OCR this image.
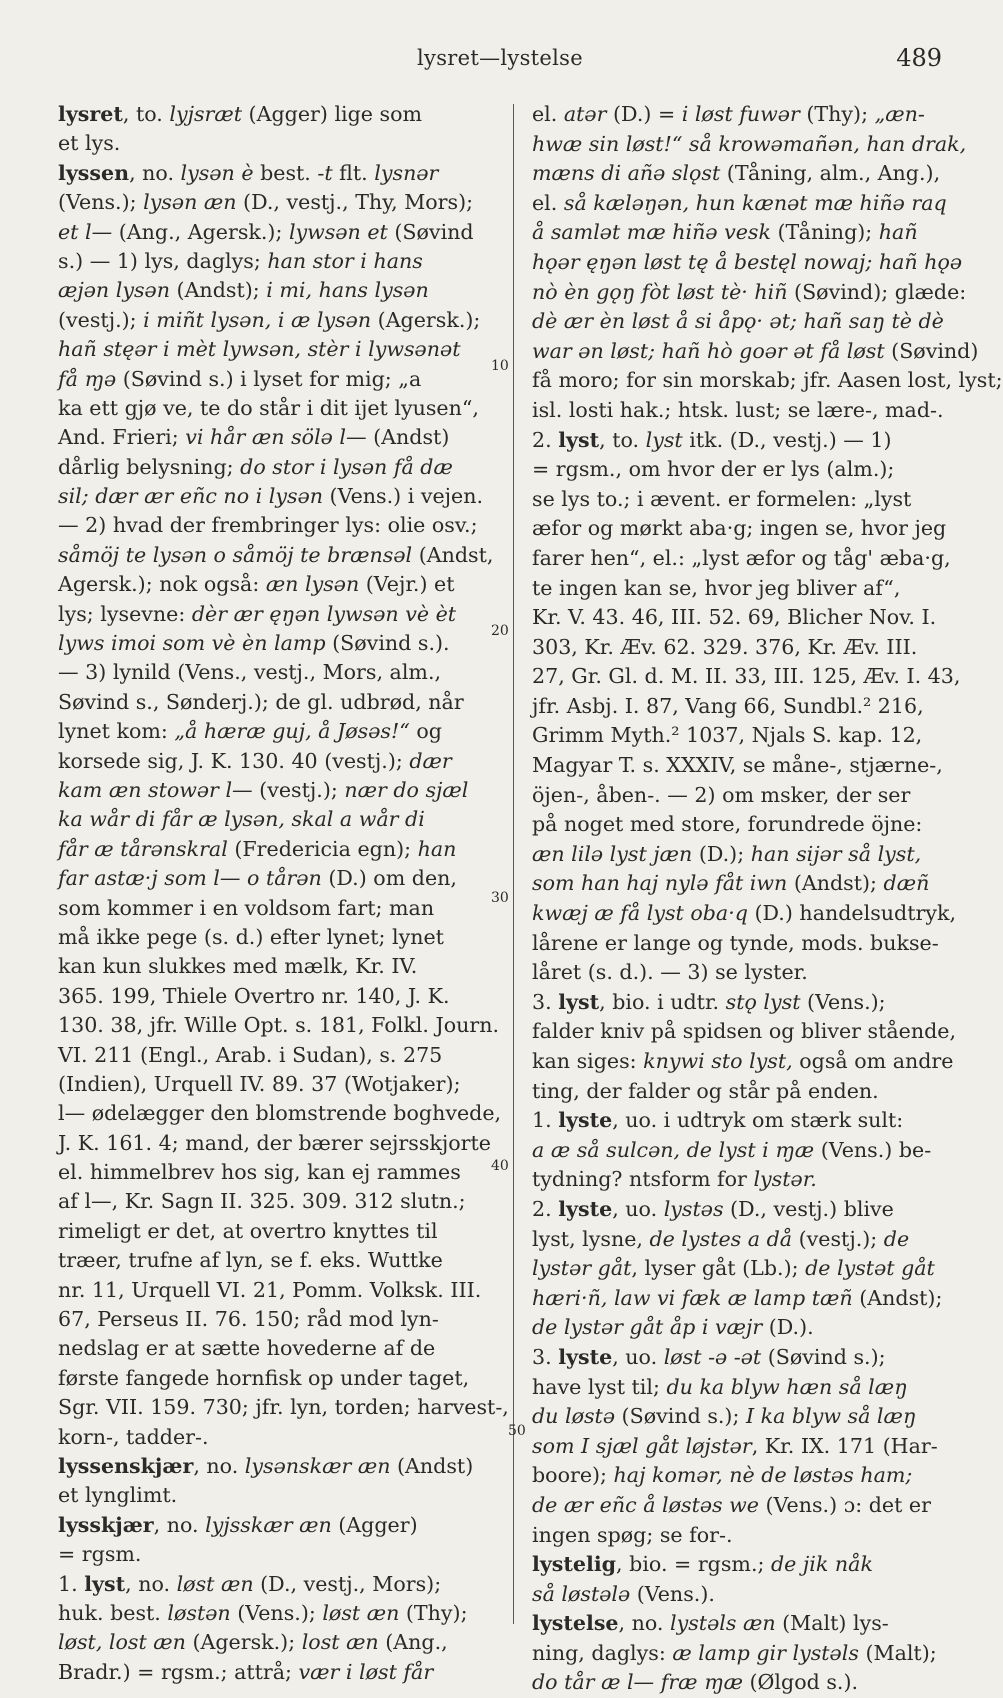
lysret—lystelse	489
lysret, to. lyjsræt (Agger) lige som
et lys.
lyssen, no. lysən è best. -t flt. lysnər
(Vens.); lysən æn (D., vestj., Thy, Mors);
et l— (Ang., Agersk.); lywsən et (Søvind
s.) — 1) lys, daglys; han stor i hans
æjən lysən (Andst); i mi, hans lysən
(vestj.); i miñt lysən, i æ lysən (Agersk.);
hañ stęər i mèt lywsən, stèr i lywsənət
få ɱə (Søvind s.) i lyset for mig; „a
ka ett gjø ve, te do står i dit ijet lyusen“,
And. Frieri; vi hår æn sölə l— (Andst)
dårlig belysning; do stor i lysən få dæ
sil; dær ær eñc no i lysən (Vens.) i vejen.
— 2) hvad der frembringer lys: olie osv.;
såmöj te lysən o såmöj te brænsəl (Andst,
Agersk.); nok også: æn lysən (Vejr.) et
lys; lysevne: dèr ær ęŋən lywsən vè èt
lyws imoi som vè èn lamp (Søvind s.).
— 3) lynild (Vens., vestj., Mors, alm.,
Søvind s., Sønderj.); de gl. udbrød, når
lynet kom: „å hæræ guj, å Jøsəs!“ og
korsede sig, J. K. 130. 40 (vestj.); dær
kam æn stowər l— (vestj.); nær do sjæl
ka wår di får æ lysən, skal a wår di
får æ tårənskral (Fredericia egn); han
far astæ·j som l— o tårən (D.) om den,
som kommer i en voldsom fart; man
må ikke pege (s. d.) efter lynet; lynet
kan kun slukkes med mælk, Kr. IV.
365. 199, Thiele Overtro nr. 140, J. K.
130. 38, jfr. Wille Opt. s. 181, Folkl. Journ.
VI. 211 (Engl., Arab. i Sudan), s. 275
(Indien), Urquell IV. 89. 37 (Wotjaker);
l— ødelægger den blomstrende boghvede,
J. K. 161. 4; mand, der bærer sejrsskjorte
el. himmelbrev hos sig, kan ej rammes
af l—, Kr. Sagn II. 325. 309. 312 slutn.;
rimeligt er det, at overtro knyttes til
træer, trufne af lyn, se f. eks. Wuttke
nr. 11, Urquell VI. 21, Pomm. Volksk. III.
67, Perseus II. 76. 150; råd mod lyn-
nedslag er at sætte hovederne af de
første fangede hornfisk op under taget,
Sgr. VII. 159. 730; jfr. lyn, torden; harvest-,
korn-, tadder-.
lyssenskjær, no. lysənskær æn (Andst)
et lynglimt.
lysskjær, no. lyjsskær æn (Agger)
= rgsm.
1. lyst, no. løst æn (D., vestj., Mors);
huk. best. løstən (Vens.); løst æn (Thy);
løst, lost æn (Agersk.); lost æn (Ang.,
Bradr.) = rgsm.; attrå; vær i løst får
el. atər (D.) = i løst fuwər (Thy); „æn-
hwæ sin løst!“ så krowəmañən, han drak,
mæns di añə slǫst (Tåning, alm., Ang.),
el. så kæləŋən, hun kænət mæ hiñə raq
å samlət mæ hiñə vesk (Tåning); hañ
hǫər ęŋən løst tę å bestęl nowaj; hañ hǫə
nò èn gǫŋ fòt løst tè· hiñ (Søvind); glæde:
dè ær èn løst å si åpǫ· ət; hañ saŋ tè dè
war ən løst; hañ hò goər ət få løst (Søvind)
få moro; for sin morskab; jfr. Aasen lost, lyst;
isl. losti hak.; htsk. lust; se lære-, mad-.
2. lyst, to. lyst itk. (D., vestj.) — 1)
= rgsm., om hvor der er lys (alm.);
se lys to.; i ævent. er formelen: „lyst
æfor og mørkt aba·g; ingen se, hvor jeg
farer hen“, el.: „lyst æfor og tåg' æba·g,
te ingen kan se, hvor jeg bliver af“,
Kr. V. 43. 46, III. 52. 69, Blicher Nov. I.
303, Kr. Æv. 62. 329. 376, Kr. Æv. III.
27, Gr. Gl. d. M. II. 33, III. 125, Æv. I. 43,
jfr. Asbj. I. 87, Vang 66, Sundbl.² 216,
Grimm Myth.² 1037, Njals S. kap. 12,
Magyar T. s. XXXIV, se måne-, stjærne-,
öjen-, åben-. — 2) om msker, der ser
på noget med store, forundrede öjne:
æn lilə lyst jæn (D.); han sijər så lyst,
som han haj nylə fåt iwn (Andst); dæñ
kwæj æ få lyst oba·q (D.) handelsudtryk,
lårene er lange og tynde, mods. bukse-
låret (s. d.). — 3) se lyster.
3. lyst, bio. i udtr. stǫ lyst (Vens.);
falder kniv på spidsen og bliver stående,
kan siges: knywi sto lyst, også om andre
ting, der falder og står på enden.
1. lyste, uo. i udtryk om stærk sult:
a æ så sulcən, de lyst i ɱæ (Vens.) be-
tydning? ntsform for lystər.
2. lyste, uo. lystəs (D., vestj.) blive
lyst, lysne, de lystes a då (vestj.); de
lystər gåt, lyser gåt (Lb.); de lystət gåt
hæri·ñ, law vi fæk æ lamp tæñ (Andst);
de lystər gåt åp i væjr (D.).
3. lyste, uo. løst -ə -ət (Søvind s.);
have lyst til; du ka blyw hæn så læŋ
du løstə (Søvind s.); I ka blyw så læŋ
som I sjæl gåt løjstər, Kr. IX. 171 (Har-
boore); haj komər, nè de løstəs ham;
de ær eñc å løstəs we (Vens.) ɔ: det er
ingen spøg; se for-.
lystelig, bio. = rgsm.; de jik nåk
så løstələ (Vens.).
lystelse, no. lystəls æn (Malt) lys-
ning, daglys: æ lamp gir lystəls (Malt);
do tår æ l— fræ ɱæ (Ølgod s.).
10
20
30
40
50
